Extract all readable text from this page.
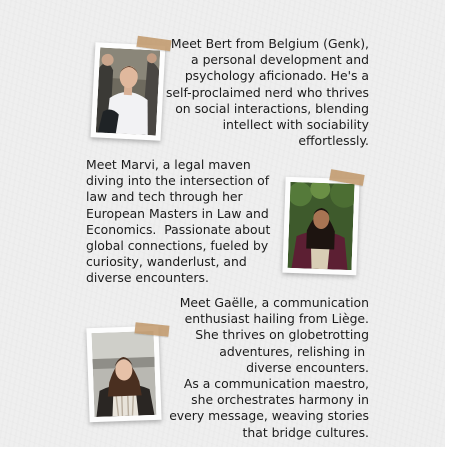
Meet Bert from Belgium (Genk),
a personal development and
psychology aficionado. He's a
self-proclaimed nerd who thrives
on social interactions, blending
intellect with sociability
effortlessly.

Meet Marvi, a legal maven
diving into the intersection of
law and tech through her
European Masters in Law and
Economics.  Passionate about
global connections, fueled by
curiosity, wanderlust, and
diverse encounters.

Meet Gaëlle, a communication
enthusiast hailing from Liège.
She thrives on globetrotting
adventures, relishing in
diverse encounters.
As a communication maestro,
she orchestrates harmony in
every message, weaving stories
that bridge cultures.
